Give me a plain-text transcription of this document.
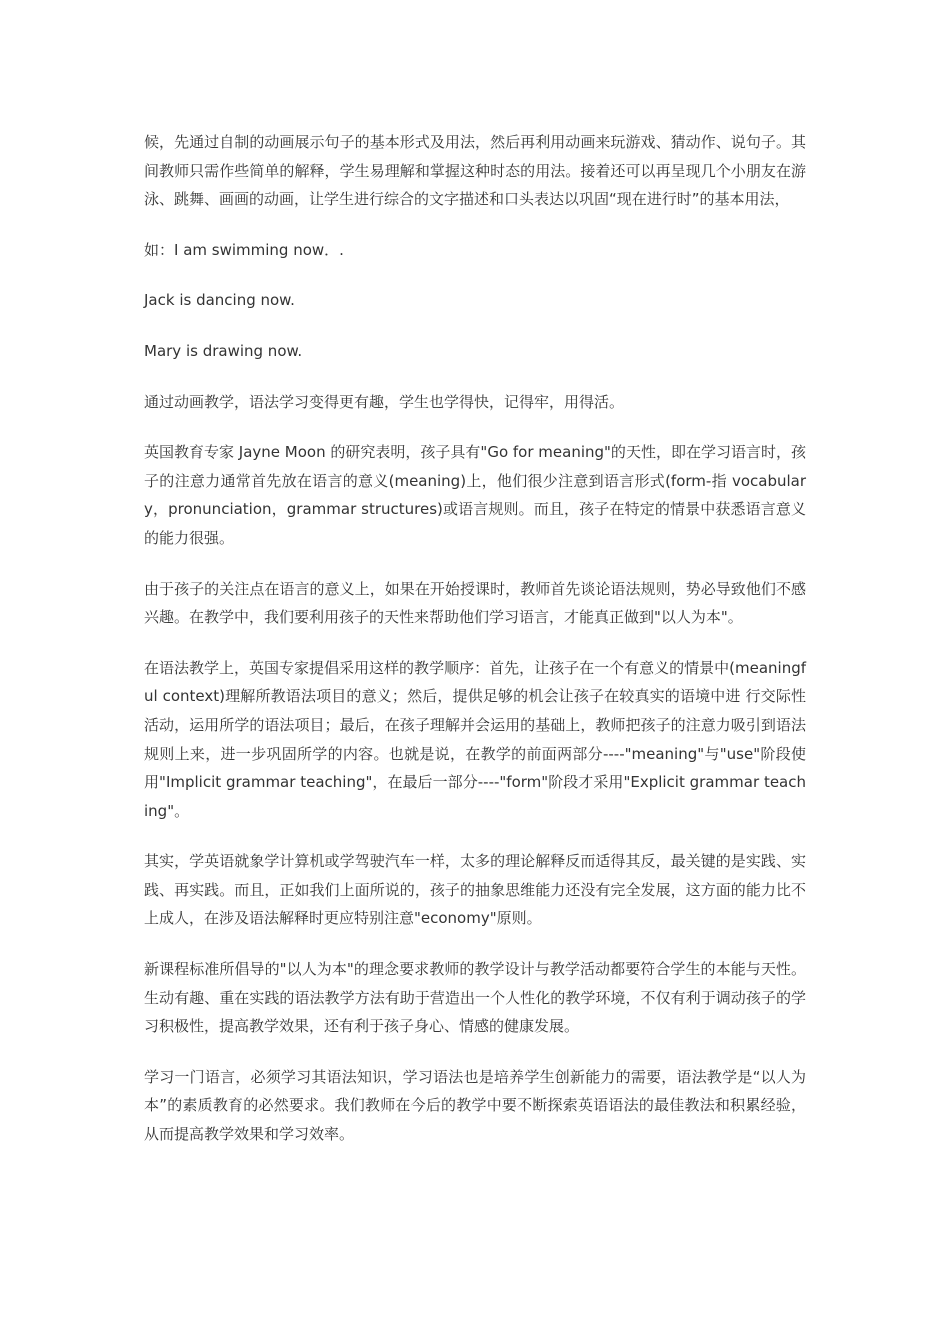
候，先通过自制的动画展示句子的基本形式及用法，然后再利用动画来玩游戏、猜动作、说句子。其间教师只需作些简单的解释，学生易理解和掌握这种时态的用法。接着还可以再呈现几个小朋友在游泳、跳舞、画画的动画，让学生进行综合的文字描述和口头表达以巩固“现在进行时”的基本用法，

如：I am swimming now．.

Jack is dancing now.

Mary is drawing now.

通过动画教学，语法学习变得更有趣，学生也学得快，记得牢，用得活。

英国教育专家 Jayne Moon 的研究表明，孩子具有"Go for meaning"的天性，即在学习语言时，孩子的注意力通常首先放在语言的意义(meaning)上，他们很少注意到语言形式(form-指 vocabulary，pronunciation，grammar structures)或语言规则。而且，孩子在特定的情景中获悉语言意义的能力很强。

由于孩子的关注点在语言的意义上，如果在开始授课时，教师首先谈论语法规则，势必导致他们不感兴趣。在教学中，我们要利用孩子的天性来帮助他们学习语言，才能真正做到"以人为本"。

在语法教学上，英国专家提倡采用这样的教学顺序：首先，让孩子在一个有意义的情景中(meaningful context)理解所教语法项目的意义；然后，提供足够的机会让孩子在较真实的语境中进 行交际性活动，运用所学的语法项目；最后，在孩子理解并会运用的基础上，教师把孩子的注意力吸引到语法规则上来，进一步巩固所学的内容。也就是说，在教学的前面两部分----"meaning"与"use"阶段使用"Implicit grammar teaching"，在最后一部分----"form"阶段才采用"Explicit grammar teaching"。

其实，学英语就象学计算机或学驾驶汽车一样，太多的理论解释反而适得其反，最关键的是实践、实践、再实践。而且，正如我们上面所说的，孩子的抽象思维能力还没有完全发展，这方面的能力比不上成人，在涉及语法解释时更应特别注意"economy"原则。

新课程标准所倡导的"以人为本"的理念要求教师的教学设计与教学活动都要符合学生的本能与天性。生动有趣、重在实践的语法教学方法有助于营造出一个人性化的教学环境，不仅有利于调动孩子的学习积极性，提高教学效果，还有利于孩子身心、情感的健康发展。

学习一门语言，必须学习其语法知识，学习语法也是培养学生创新能力的需要，语法教学是“以人为本”的素质教育的必然要求。我们教师在今后的教学中要不断探索英语语法的最佳教法和积累经验，从而提高教学效果和学习效率。
